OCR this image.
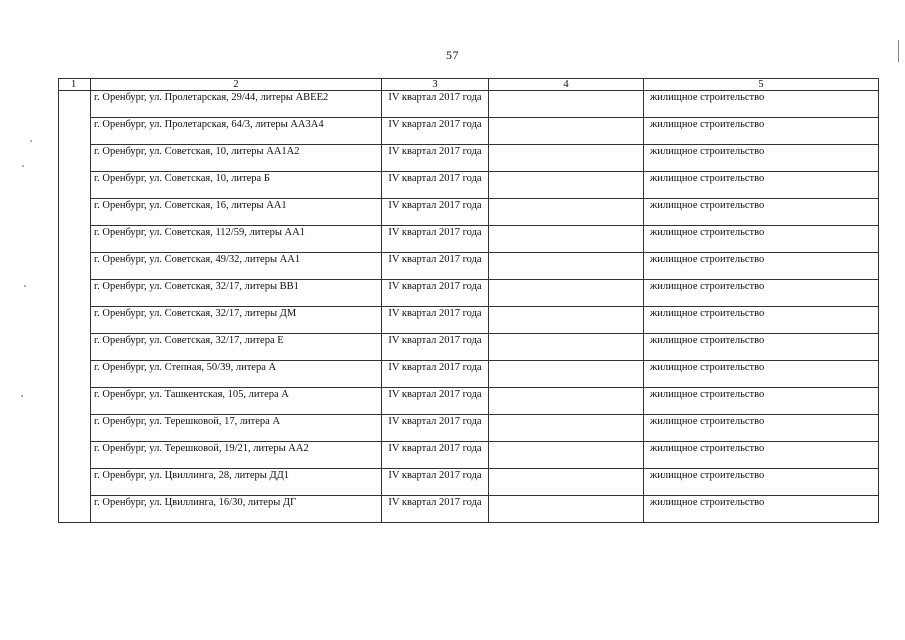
57
1	2	3	4	5
	г. Оренбург, ул. Пролетарская, 29/44, литеры АВЕЕ2	IV квартал 2017 года		жилищное строительство
	г. Оренбург, ул. Пролетарская, 64/3, литеры АА3А4	IV квартал 2017 года		жилищное строительство
	г. Оренбург, ул. Советская, 10, литеры АА1А2	IV квартал 2017 года		жилищное строительство
	г. Оренбург, ул. Советская, 10, литера Б	IV квартал 2017 года		жилищное строительство
	г. Оренбург, ул. Советская, 16, литеры АА1	IV квартал 2017 года		жилищное строительство
	г. Оренбург, ул. Советская, 112/59, литеры АА1	IV квартал 2017 года		жилищное строительство
	г. Оренбург, ул. Советская, 49/32, литеры АА1	IV квартал 2017 года		жилищное строительство
	г. Оренбург, ул. Советская, 32/17, литеры ВВ1	IV квартал 2017 года		жилищное строительство
	г. Оренбург, ул. Советская, 32/17, литеры ДМ	IV квартал 2017 года		жилищное строительство
	г. Оренбург, ул. Советская, 32/17, литера Е	IV квартал 2017 года		жилищное строительство
	г. Оренбург, ул. Степная, 50/39, литера А	IV квартал 2017 года		жилищное строительство
	г. Оренбург, ул. Ташкентская, 105, литера А	IV квартал 2017 года		жилищное строительство
	г. Оренбург, ул. Терешковой, 17, литера А	IV квартал 2017 года		жилищное строительство
	г. Оренбург, ул. Терешковой, 19/21, литеры АА2	IV квартал 2017 года		жилищное строительство
	г. Оренбург, ул. Цвиллинга, 28, литеры ДД1	IV квартал 2017 года		жилищное строительство
	г. Оренбург, ул. Цвиллинга, 16/30, литеры ДГ	IV квартал 2017 года		жилищное строительство
